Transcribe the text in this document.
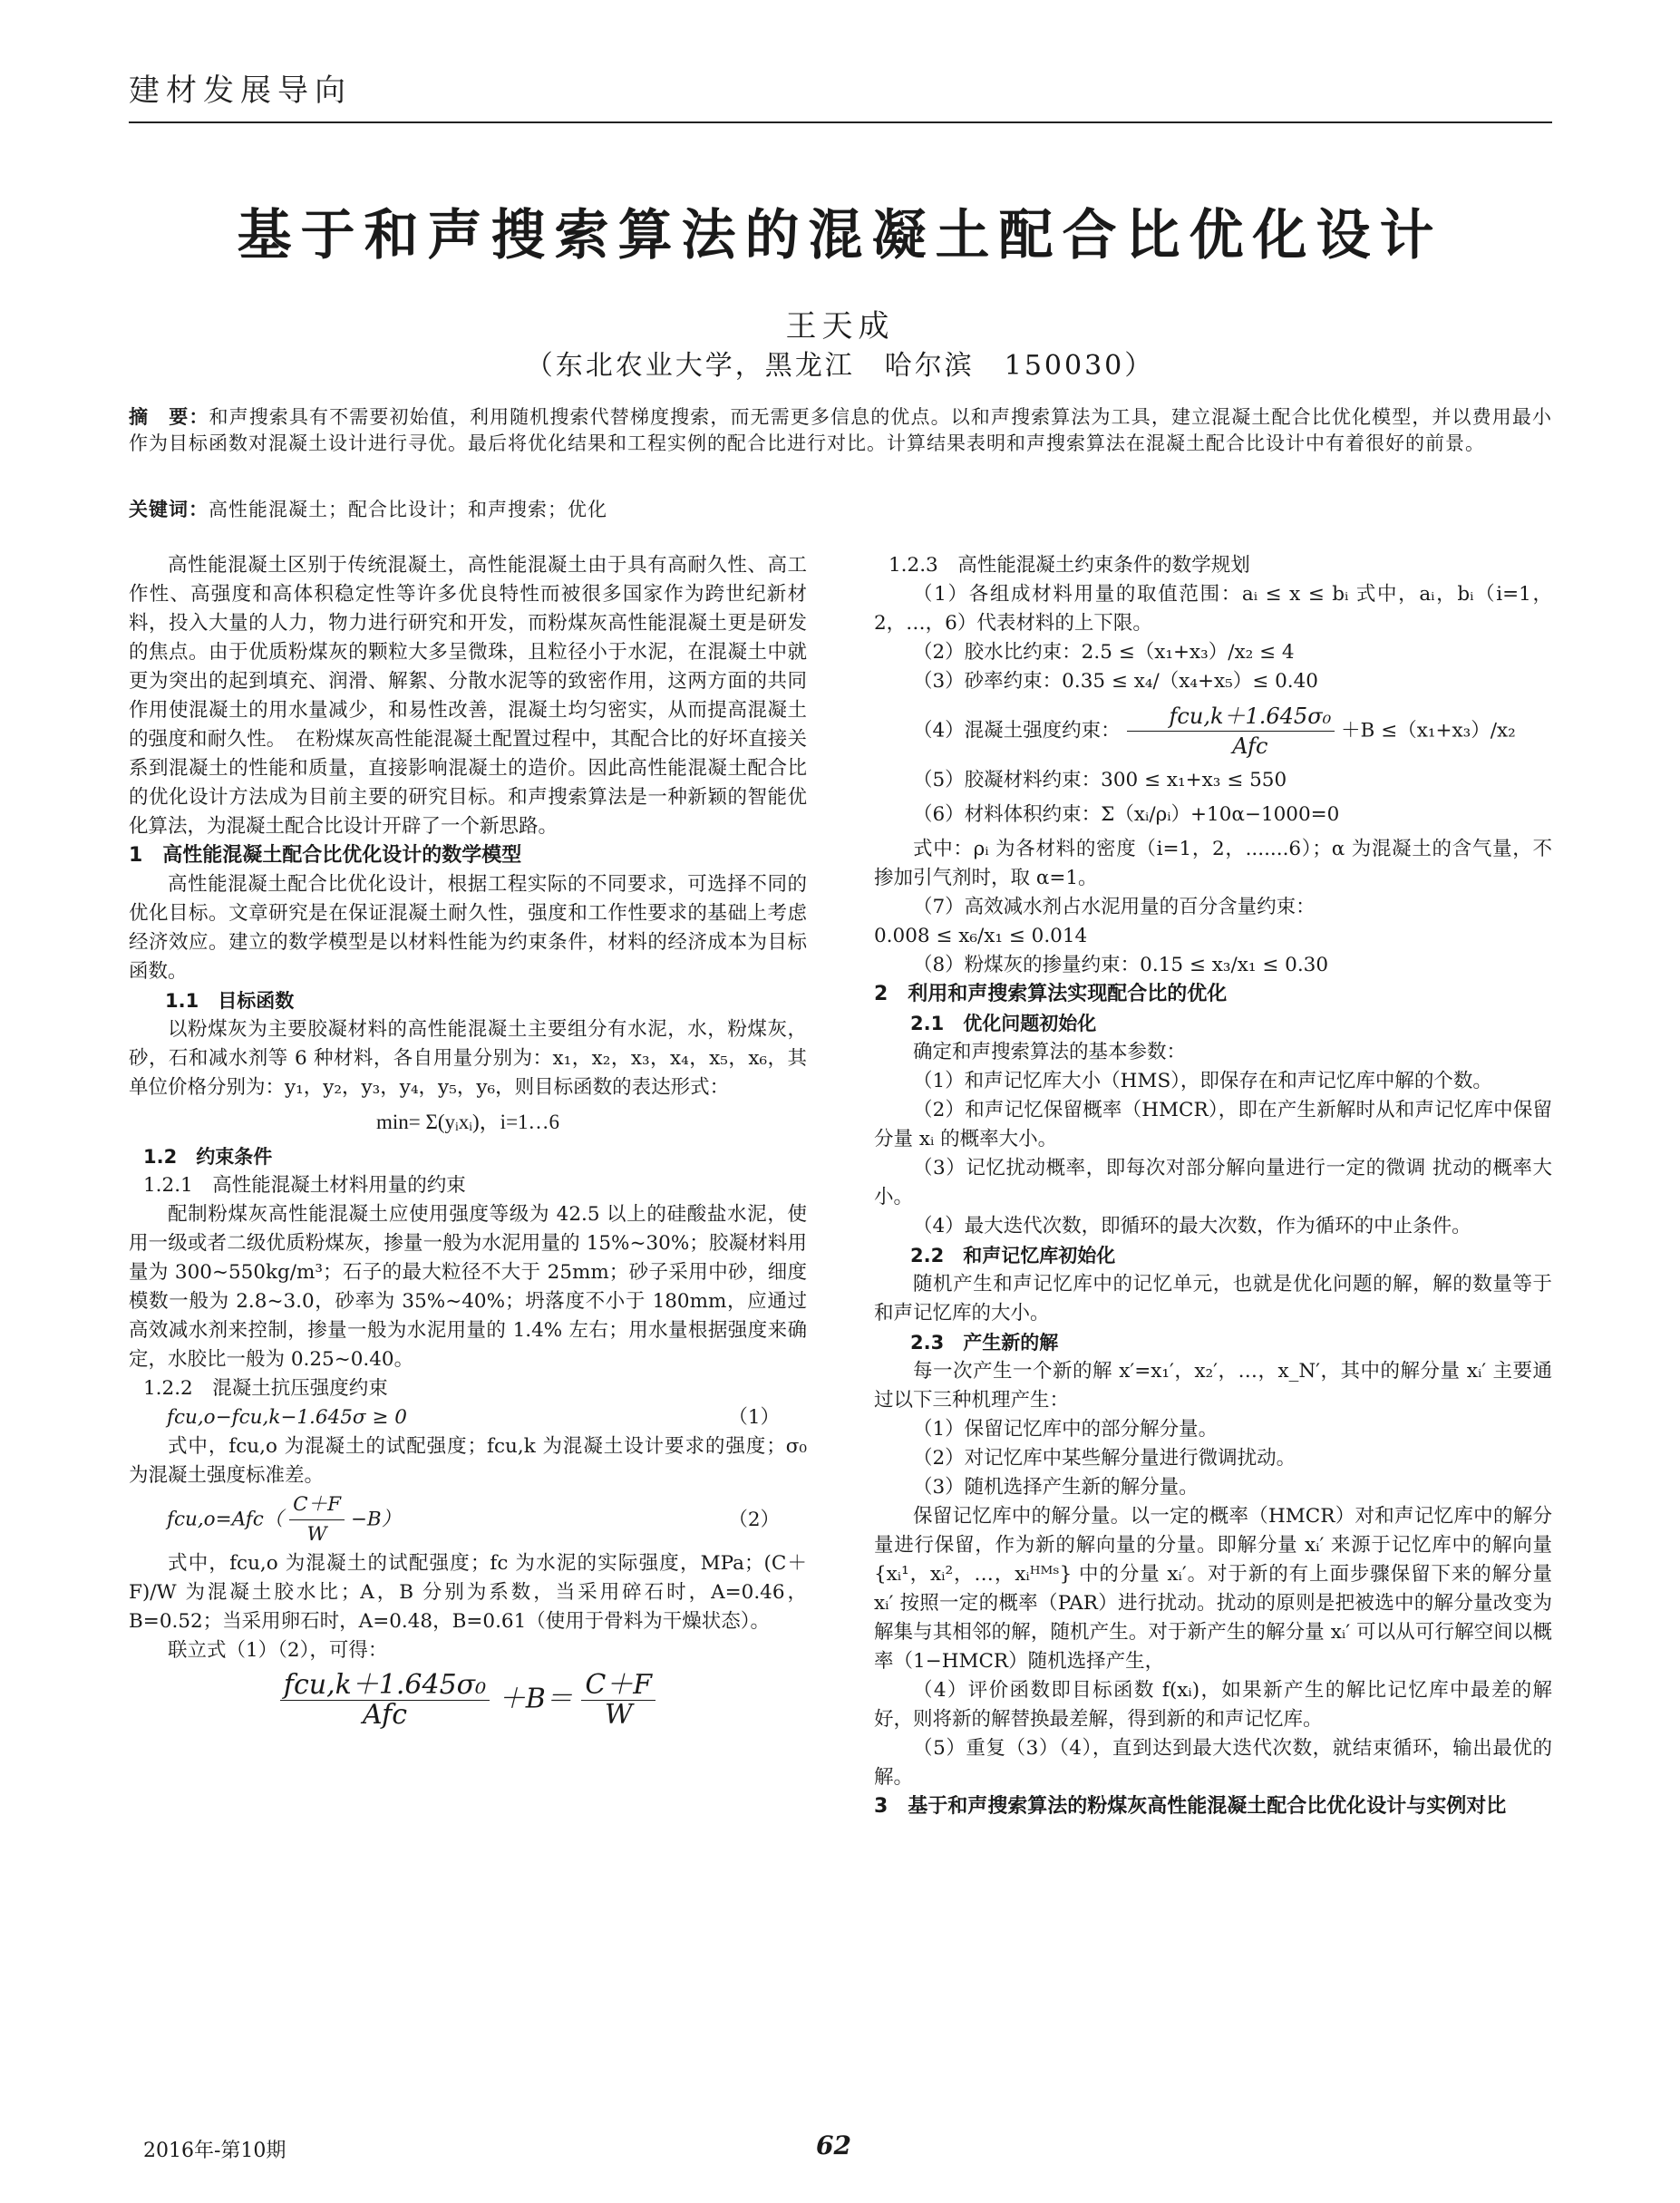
建材发展导向
基于和声搜索算法的混凝土配合比优化设计
王天成
（东北农业大学，黑龙江　哈尔滨　150030）
摘　要：和声搜索具有不需要初始值，利用随机搜索代替梯度搜索，而无需更多信息的优点。以和声搜索算法为工具，建立混凝土配合比优化模型，并以费用最小作为目标函数对混凝土设计进行寻优。最后将优化结果和工程实例的配合比进行对比。计算结果表明和声搜索算法在混凝土配合比设计中有着很好的前景。
关键词：高性能混凝土；配合比设计；和声搜索；优化

高性能混凝土区别于传统混凝土，高性能混凝土由于具有高耐久性、高工作性、高强度和高体积稳定性等许多优良特性而被很多国家作为跨世纪新材料，投入大量的人力，物力进行研究和开发，而粉煤灰高性能混凝土更是研发的焦点。由于优质粉煤灰的颗粒大多呈微珠，且粒径小于水泥，在混凝土中就更为突出的起到填充、润滑、解絮、分散水泥等的致密作用，这两方面的共同作用使混凝土的用水量减少，和易性改善，混凝土均匀密实，从而提高混凝土的强度和耐久性。　在粉煤灰高性能混凝土配置过程中，其配合比的好坏直接关系到混凝土的性能和质量，直接影响混凝土的造价。因此高性能混凝土配合比的优化设计方法成为目前主要的研究目标。和声搜索算法是一种新颖的智能优化算法，为混凝土配合比设计开辟了一个新思路。

1　高性能混凝土配合比优化设计的数学模型

高性能混凝土配合比优化设计，根据工程实际的不同要求，可选择不同的优化目标。文章研究是在保证混凝土耐久性，强度和工作性要求的基础上考虑经济效应。建立的数学模型是以材料性能为约束条件，材料的经济成本为目标函数。

1.1　目标函数

以粉煤灰为主要胶凝材料的高性能混凝土主要组分有水泥，水，粉煤灰，砂，石和减水剂等 6 种材料，各自用量分别为：x₁，x₂，x₃，x₄，x₅，x₆，其单位价格分别为：y₁，y₂，y₃，y₄，y₅，y₆，则目标函数的表达形式：

min= Σ(yᵢxᵢ)，i=1…6

1.2　约束条件

1.2.1　高性能混凝土材料用量的约束

配制粉煤灰高性能混凝土应使用强度等级为 42.5 以上的硅酸盐水泥，使用一级或者二级优质粉煤灰，掺量一般为水泥用量的 15%~30%；胶凝材料用量为 300~550kg/m³；石子的最大粒径不大于 25mm；砂子采用中砂，细度模数一般为 2.8~3.0，砂率为 35%~40%；坍落度不小于 180mm，应通过高效减水剂来控制，掺量一般为水泥用量的 1.4% 左右；用水量根据强度来确定，水胶比一般为 0.25~0.40。

1.2.2　混凝土抗压强度约束

fcu,o−fcu,k−1.645σ ≥ 0	（1）

式中，fcu,o 为混凝土的试配强度；fcu,k 为混凝土设计要求的强度；σ₀ 为混凝土强度标准差。

$fcu,o=Afc( \frac{C+F}{W} -B)$	（2）

式中，fcu,o 为混凝土的试配强度；fc 为水泥的实际强度，MPa；(C＋F)/W 为混凝土胶水比；A，B 分别为系数，当采用碎石时，A=0.46，B=0.52；当采用卵石时，A=0.48，B=0.61（使用于骨料为干燥状态）。

联立式（1）（2），可得：

$\frac{\text{fcu,k＋1.645σ₀}}{\text{Afc}} +B= \frac{C+F}{W}$

1.2.3　高性能混凝土约束条件的数学规划

（1）各组成材料用量的取值范围：aᵢ ≤ x ≤ bᵢ 式中，aᵢ，bᵢ（i=1，2，…，6）代表材料的上下限。

（2）胶水比约束：2.5 ≤（x₁+x₃）/x₂ ≤ 4

（3）砂率约束：0.35 ≤ x₄/（x₄+x₅）≤ 0.40

（4）混凝土强度约束： $\frac{\text{fcu,k＋1.645σ₀}}{\text{Afc}} +B \le(x_1+x_3)/x_2$

（5）胶凝材料约束：300 ≤ x₁+x₃ ≤ 550

（6）材料体积约束：Σ（xᵢ/ρᵢ）+10α−1000=0

式中：ρᵢ 为各材料的密度（i=1，2，.......6）；α 为混凝土的含气量，不掺加引气剂时，取 α=1。

（7）高效减水剂占水泥用量的百分含量约束：

0.008 ≤ x₆/x₁ ≤ 0.014

（8）粉煤灰的掺量约束：0.15 ≤ x₃/x₁ ≤ 0.30

2　利用和声搜索算法实现配合比的优化

2.1　优化问题初始化

确定和声搜索算法的基本参数：

（1）和声记忆库大小（HMS），即保存在和声记忆库中解的个数。

（2）和声记忆保留概率（HMCR），即在产生新解时从和声记忆库中保留分量 xᵢ 的概率大小。

（3）记忆扰动概率，即每次对部分解向量进行一定的微调 扰动的概率大小。

（4）最大迭代次数，即循环的最大次数，作为循环的中止条件。

2.2　和声记忆库初始化

随机产生和声记忆库中的记忆单元，也就是优化问题的解，解的数量等于和声记忆库的大小。

2.3　产生新的解

每一次产生一个新的解 x′=x₁′，x₂′，…，x_N′，其中的解分量 xᵢ′ 主要通过以下三种机理产生：

（1）保留记忆库中的部分解分量。

（2）对记忆库中某些解分量进行微调扰动。

（3）随机选择产生新的解分量。

保留记忆库中的解分量。以一定的概率（HMCR）对和声记忆库中的解分量进行保留，作为新的解向量的分量。即解分量 xᵢ′ 来源于记忆库中的解向量 {xᵢ¹，xᵢ²，…，xᵢᴴᴹˢ} 中的分量 xᵢ′。对于新的有上面步骤保留下来的解分量 xᵢ′ 按照一定的概率（PAR）进行扰动。扰动的原则是把被选中的解分量改变为解集与其相邻的解，随机产生。对于新产生的解分量 xᵢ′ 可以从可行解空间以概率（1−HMCR）随机选择产生，

（4）评价函数即目标函数 f(xᵢ)，如果新产生的解比记忆库中最差的解好，则将新的解替换最差解，得到新的和声记忆库。

（5）重复（3）（4），直到达到最大迭代次数，就结束循环，输出最优的解。

3　基于和声搜索算法的粉煤灰高性能混凝土配合比优化设计与实例对比

2016年-第10期	62
